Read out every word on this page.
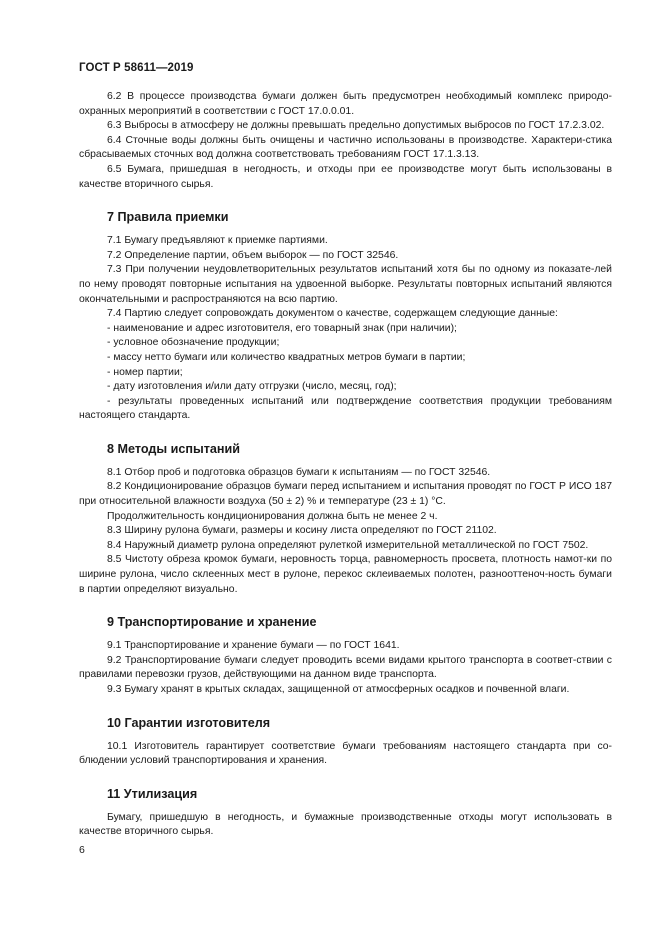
ГОСТ Р 58611—2019

6.2 В процессе производства бумаги должен быть предусмотрен необходимый комплекс природо-охранных мероприятий в соответствии с ГОСТ 17.0.0.01.

6.3 Выбросы в атмосферу не должны превышать предельно допустимых выбросов по ГОСТ 17.2.3.02.

6.4 Сточные воды должны быть очищены и частично использованы в производстве. Характери-стика сбрасываемых сточных вод должна соответствовать требованиям ГОСТ 17.1.3.13.

6.5 Бумага, пришедшая в негодность, и отходы при ее производстве могут быть использованы в качестве вторичного сырья.

7 Правила приемки

7.1 Бумагу предъявляют к приемке партиями.

7.2 Определение партии, объем выборок — по ГОСТ 32546.

7.3 При получении неудовлетворительных результатов испытаний хотя бы по одному из показате-лей по нему проводят повторные испытания на удвоенной выборке. Результаты повторных испытаний являются окончательными и распространяются на всю партию.

7.4 Партию следует сопровождать документом о качестве, содержащем следующие данные:

- наименование и адрес изготовителя, его товарный знак (при наличии);

- условное обозначение продукции;

- массу нетто бумаги или количество квадратных метров бумаги в партии;

- номер партии;

- дату изготовления и/или дату отгрузки (число, месяц, год);

- результаты проведенных испытаний или подтверждение соответствия продукции требованиям настоящего стандарта.

8 Методы испытаний

8.1 Отбор проб и подготовка образцов бумаги к испытаниям — по ГОСТ 32546.

8.2 Кондиционирование образцов бумаги перед испытанием и испытания проводят по ГОСТ Р ИСО 187 при относительной влажности воздуха (50 ± 2) % и температуре (23 ± 1) °С.

Продолжительность кондиционирования должна быть не менее 2 ч.

8.3 Ширину рулона бумаги, размеры и косину листа определяют по ГОСТ 21102.

8.4 Наружный диаметр рулона определяют рулеткой измерительной металлической по ГОСТ 7502.

8.5 Чистоту обреза кромок бумаги, неровность торца, равномерность просвета, плотность намот-ки по ширине рулона, число склеенных мест в рулоне, перекос склеиваемых полотен, разнооттеноч-ность бумаги в партии определяют визуально.

9 Транспортирование и хранение

9.1 Транспортирование и хранение бумаги — по ГОСТ 1641.

9.2 Транспортирование бумаги следует проводить всеми видами крытого транспорта в соответ-ствии с правилами перевозки грузов, действующими на данном виде транспорта.

9.3 Бумагу хранят в крытых складах, защищенной от атмосферных осадков и почвенной влаги.

10 Гарантии изготовителя

10.1 Изготовитель гарантирует соответствие бумаги требованиям настоящего стандарта при со-блюдении условий транспортирования и хранения.

11 Утилизация

Бумагу, пришедшую в негодность, и бумажные производственные отходы могут использовать в качестве вторичного сырья.

6
